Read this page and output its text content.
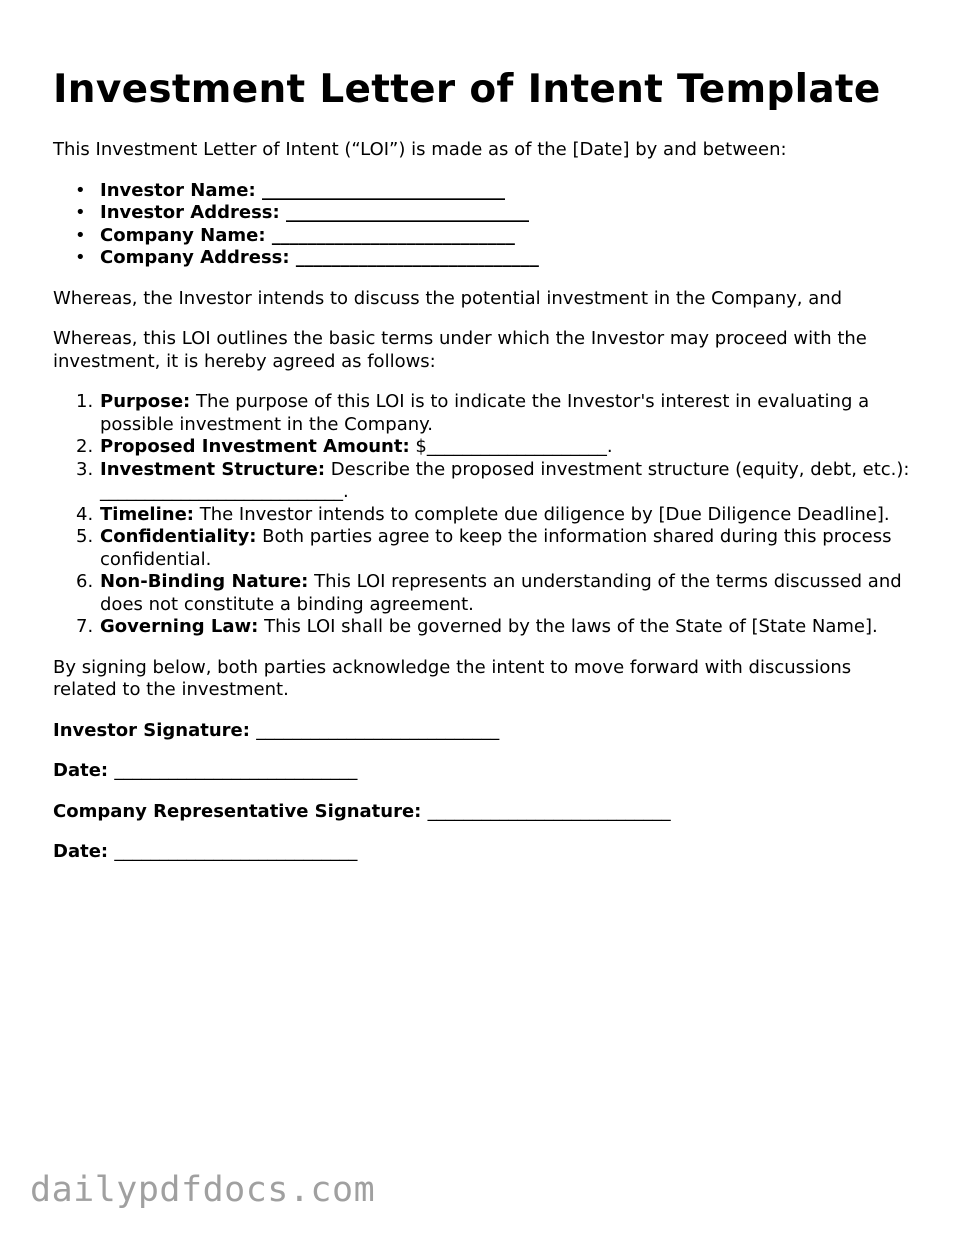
Investment Letter of Intent Template

This Investment Letter of Intent (“LOI”) is made as of the [Date] by and between:

• Investor Name: ___________________________
• Investor Address: ___________________________
• Company Name: ___________________________
• Company Address: ___________________________

Whereas, the Investor intends to discuss the potential investment in the Company, and

Whereas, this LOI outlines the basic terms under which the Investor may proceed with the investment, it is hereby agreed as follows:

1. Purpose: The purpose of this LOI is to indicate the Investor's interest in evaluating a possible investment in the Company.
2. Proposed Investment Amount: $____________________.
3. Investment Structure: Describe the proposed investment structure (equity, debt, etc.): ___________________________.
4. Timeline: The Investor intends to complete due diligence by [Due Diligence Deadline].
5. Confidentiality: Both parties agree to keep the information shared during this process confidential.
6. Non-Binding Nature: This LOI represents an understanding of the terms discussed and does not constitute a binding agreement.
7. Governing Law: This LOI shall be governed by the laws of the State of [State Name].

By signing below, both parties acknowledge the intent to move forward with discussions related to the investment.

Investor Signature: ___________________________
Date: ___________________________
Company Representative Signature: ___________________________
Date: ___________________________
dailypdfdocs.com
